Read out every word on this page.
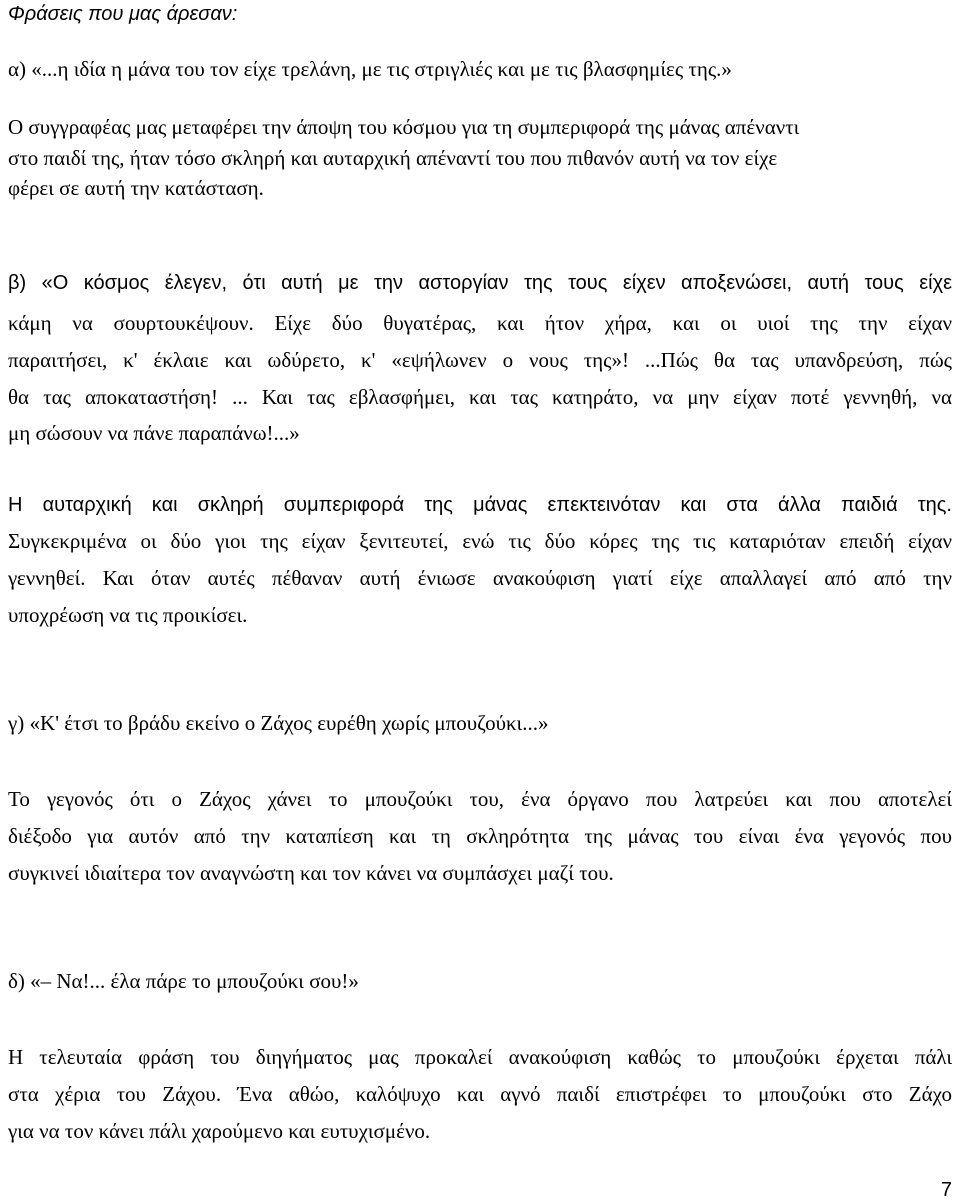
Φράσεις που μας άρεσαν:
α) «...η ιδία η μάνα του τον είχε τρελάνη, με τις στριγλιές και με τις βλασφημίες της.»
Ο συγγραφέας μας μεταφέρει την άποψη του κόσμου για τη συμπεριφορά της μάνας απέναντι
στο παιδί της, ήταν τόσο σκληρή και αυταρχική απέναντί του που πιθανόν αυτή να τον είχε
φέρει σε αυτή την κατάσταση.
β) «Ο κόσμος έλεγεν, ότι αυτή με την αστοργίαν της τους είχεν αποξενώσει, αυτή τους είχε
κάμη να σουρτουκέψουν. Είχε δύο θυγατέρας, και ήτον χήρα, και οι υιοί της την είχαν
παραιτήσει, κ' έκλαιε και ωδύρετο, κ' «εψήλωνεν ο νους της»! ...Πώς θα τας υπανδρεύση, πώς
θα τας αποκαταστήση! ... Και τας εβλασφήμει, και τας κατηράτο, να μην είχαν ποτέ γεννηθή, να
μη σώσουν να πάνε παραπάνω!...»
Η αυταρχική και σκληρή συμπεριφορά της μάνας επεκτεινόταν και στα άλλα παιδιά της.
Συγκεκριμένα οι δύο γιοι της είχαν ξενιτευτεί, ενώ τις δύο κόρες της τις καταριόταν επειδή είχαν
γεννηθεί. Και όταν αυτές πέθαναν αυτή ένιωσε ανακούφιση γιατί είχε απαλλαγεί από από την
υποχρέωση να τις προικίσει.
γ) «Κ' έτσι το βράδυ εκείνο ο Ζάχος ευρέθη χωρίς μπουζούκι...»
Το γεγονός ότι ο Ζάχος χάνει το μπουζούκι του, ένα όργανο που λατρεύει και που αποτελεί
διέξοδο για αυτόν από την καταπίεση και τη σκληρότητα της μάνας του είναι ένα γεγονός που
συγκινεί ιδιαίτερα τον αναγνώστη και τον κάνει να συμπάσχει μαζί του.
δ) «– Να!... έλα πάρε το μπουζούκι σου!»
Η τελευταία φράση του διηγήματος μας προκαλεί ανακούφιση καθώς το μπουζούκι έρχεται πάλι
στα χέρια του Ζάχου. Ένα αθώο, καλόψυχο και αγνό παιδί επιστρέφει το μπουζούκι στο Ζάχο
για να τον κάνει πάλι χαρούμενο και ευτυχισμένο.
7
